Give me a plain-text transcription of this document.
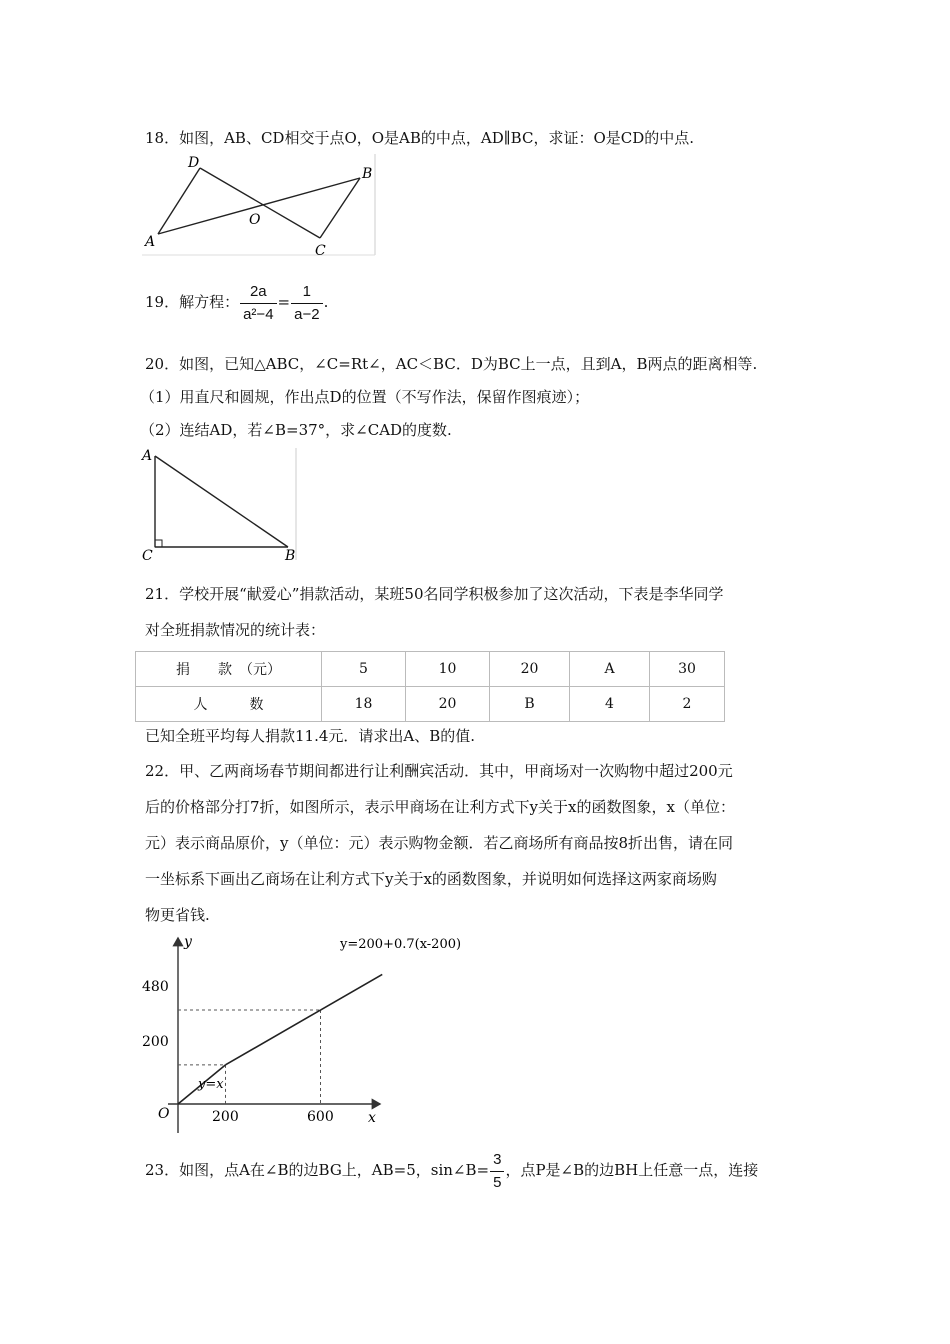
18．如图，AB、CD相交于点O，O是AB的中点，AD∥BC，求证：O是CD的中点.
A
D
B
C
O
19．解方程： $\frac{2a}{\text{a²−4}} = \frac{1}{a-2}$ .
20．如图，已知△ABC，∠C=Rt∠，AC＜BC．D为BC上一点，且到A，B两点的距离相等.
（1）用直尺和圆规，作出点D的位置（不写作法，保留作图痕迹）；
（2）连结AD，若∠B=37°，求∠CAD的度数.
A
C	B
21．学校开展“献爱心”捐款活动，某班50名同学积极参加了这次活动，下表是李华同学
对全班捐款情况的统计表：
捐　　款　（元）	5	10	20	A	30
人　　　数	18	20	B	4	2
已知全班平均每人捐款11.4元．请求出A、B的值.
22．甲、乙两商场春节期间都进行让利酬宾活动．其中，甲商场对一次购物中超过200元
后的价格部分打7折，如图所示，表示甲商场在让利方式下y关于x的函数图象，x（单位：
元）表示商品原价，y（单位：元）表示购物金额．若乙商场所有商品按8折出售，请在同
一坐标系下画出乙商场在让利方式下y关于x的函数图象，并说明如何选择这两家商场购
物更省钱.
y
x
O
480
200
200	600
y=200+0.7(x-200)
y=x
23．如图，点A在∠B的边BG上，AB=5，sin∠B= $\frac{3}{5}$ ，点P是∠B的边BH上任意一点，连接
